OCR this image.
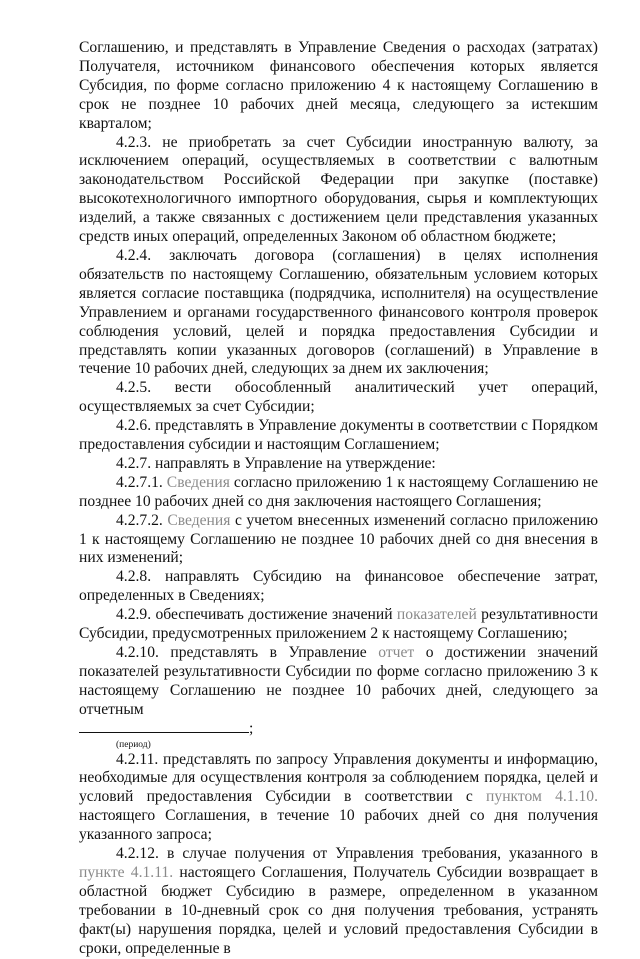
Соглашению, и представлять в Управление Сведения о расходах (затратах) Получателя, источником финансового обеспечения которых является Субсидия, по форме согласно приложению 4 к настоящему Соглашению в срок не позднее 10 рабочих дней месяца, следующего за истекшим кварталом;

4.2.3. не приобретать за счет Субсидии иностранную валюту, за исключением операций, осуществляемых в соответствии с валютным законодательством Российской Федерации при закупке (поставке) высокотехнологичного импортного оборудования, сырья и комплектующих изделий, а также связанных с достижением цели представления указанных средств иных операций, определенных Законом об областном бюджете;

4.2.4. заключать договора (соглашения) в целях исполнения обязательств по настоящему Соглашению, обязательным условием которых является согласие поставщика (подрядчика, исполнителя) на осуществление Управлением и органами государственного финансового контроля проверок соблюдения условий, целей и порядка предоставления Субсидии и представлять копии указанных договоров (соглашений) в Управление в течение 10 рабочих дней, следующих за днем их заключения;

4.2.5. вести обособленный аналитический учет операций, осуществляемых за счет Субсидии;

4.2.6. представлять в Управление документы в соответствии с Порядком предоставления субсидии и настоящим Соглашением;

4.2.7. направлять в Управление на утверждение:

4.2.7.1. Сведения согласно приложению 1 к настоящему Соглашению не позднее 10 рабочих дней со дня заключения настоящего Соглашения;

4.2.7.2. Сведения с учетом внесенных изменений согласно приложению 1 к настоящему Соглашению не позднее 10 рабочих дней со дня внесения в них изменений;

4.2.8. направлять Субсидию на финансовое обеспечение затрат, определенных в Сведениях;

4.2.9. обеспечивать достижение значений показателей результативности Субсидии, предусмотренных приложением 2 к настоящему Соглашению;

4.2.10. представлять в Управление отчет о достижении значений показателей результативности Субсидии по форме согласно приложению 3 к настоящему Соглашению не позднее 10 рабочих дней, следующего за отчетным
;

(период)

4.2.11. представлять по запросу Управления документы и информацию, необходимые для осуществления контроля за соблюдением порядка, целей и условий предоставления Субсидии в соответствии с пунктом 4.1.10. настоящего Соглашения, в течение 10 рабочих дней со дня получения указанного запроса;

4.2.12. в случае получения от Управления требования, указанного в пункте 4.1.11. настоящего Соглашения, Получатель Субсидии возвращает в областной бюджет Субсидию в размере, определенном в указанном требовании в 10-дневный срок со дня получения требования, устранять факт(ы) нарушения порядка, целей и условий предоставления Субсидии в сроки, определенные в
